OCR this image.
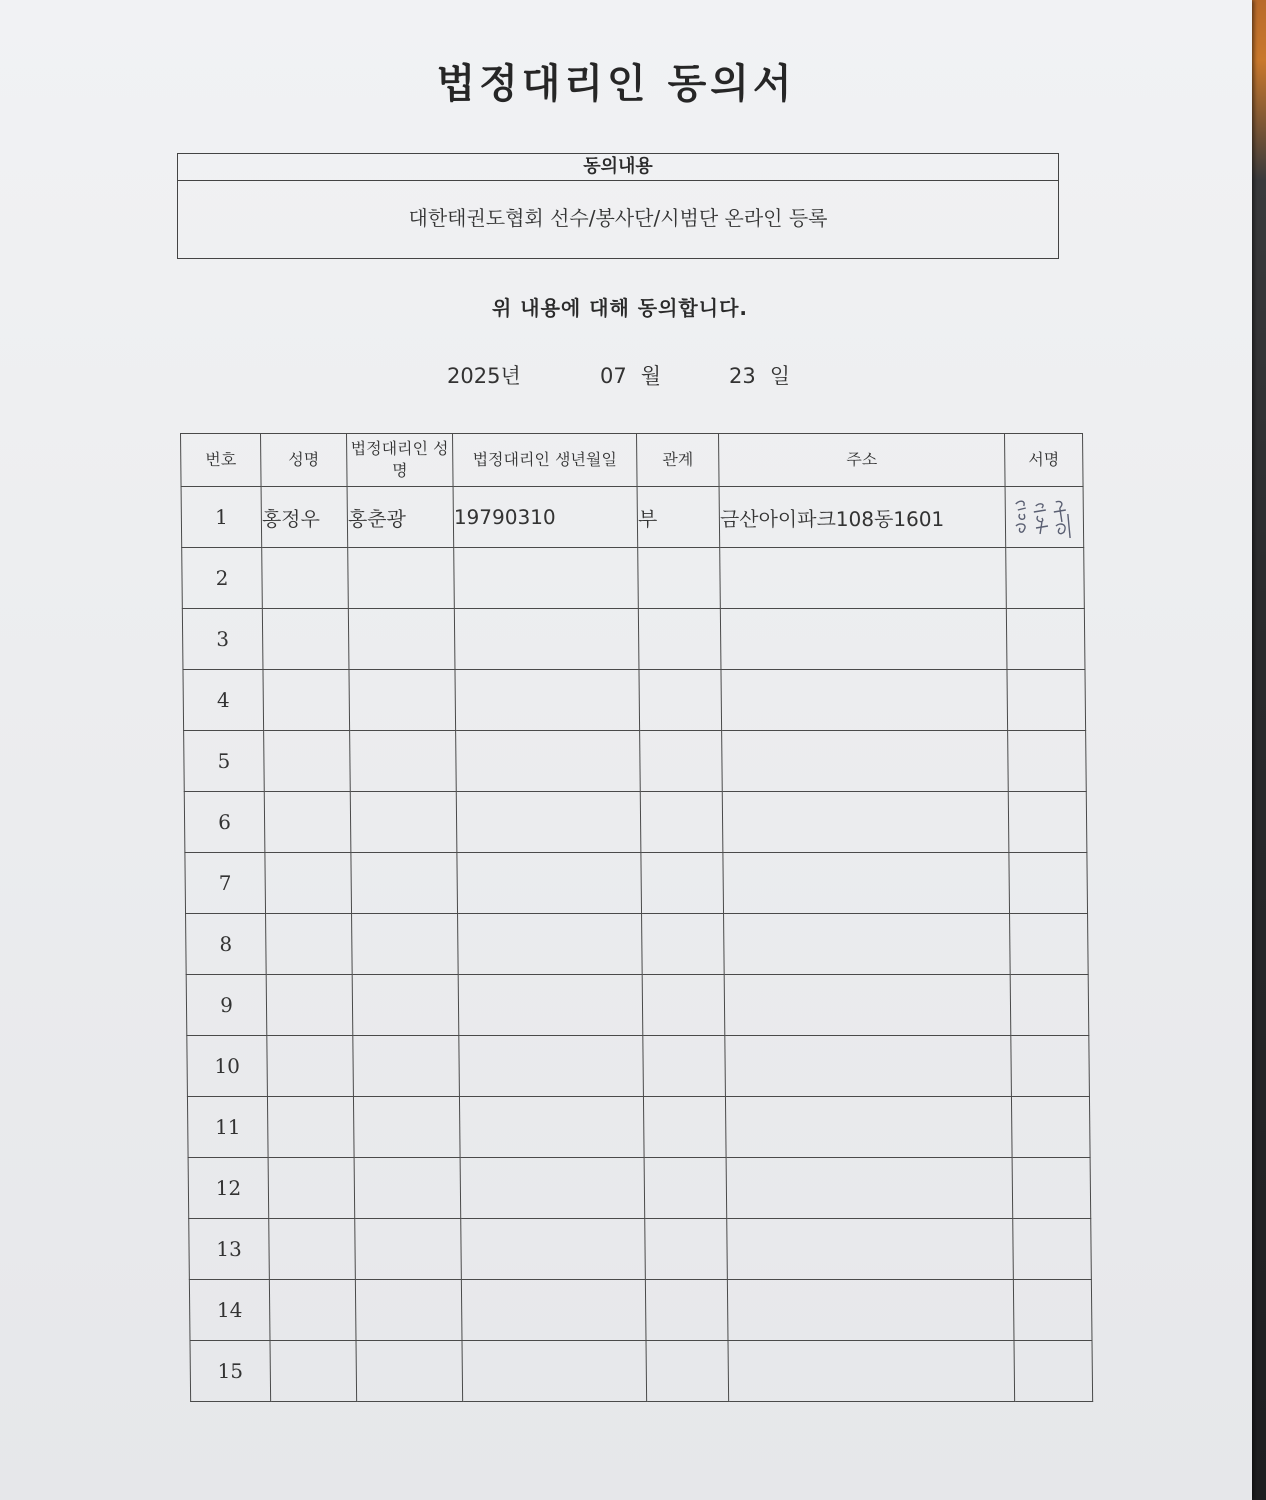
법정대리인 동의서
동의내용
대한태권도협회 선수/봉사단/시범단 온라인 등록
위 내용에 대해 동의합니다.
2025년	07 월	23 일
번호	성명	법정대리인 성명	법정대리인 생년월일	관계	주소	서명
1	홍정우	홍춘광	19790310	부	금산아이파크108동1601	

2						
3						
4						
5						
6						
7						
8						
9						
10						
11						
12						
13						
14						
15						
